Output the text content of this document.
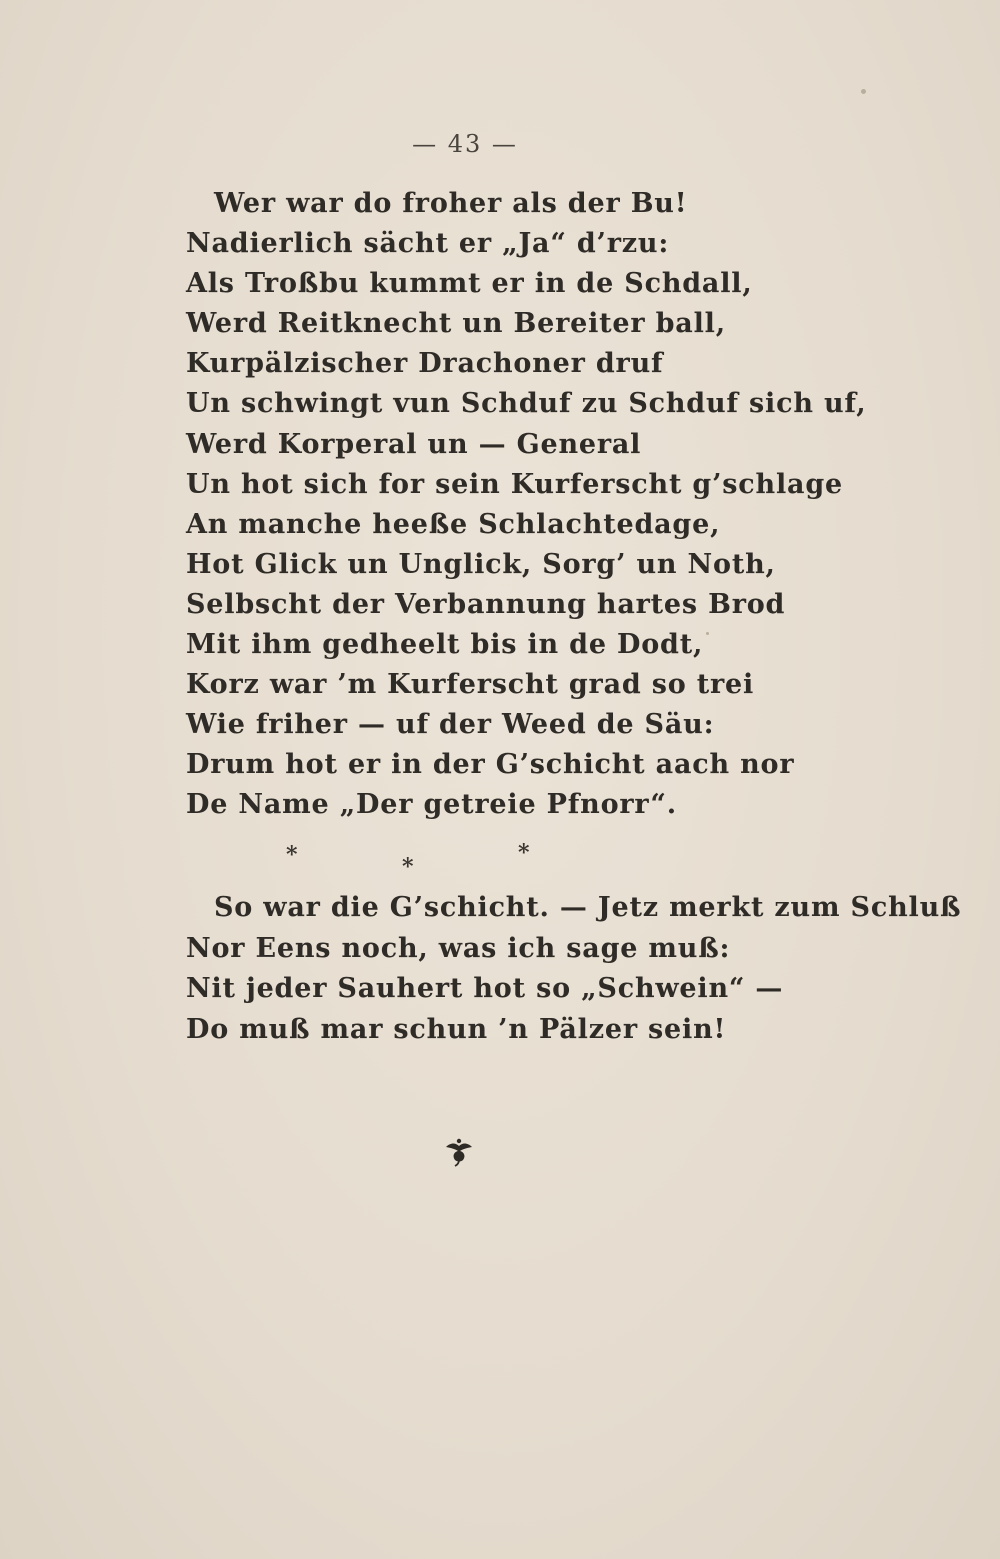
— 43 —
Wer war do froher als der Bu!
Nadierlich sächt er „Ja“ d’rzu:
Als Troßbu kummt er in de Schdall,
Werd Reitknecht un Bereiter ball,
Kurpälzischer Drachoner druf
Un schwingt vun Schduf zu Schduf sich uf,
Werd Korperal un — General
Un hot sich for sein Kurferscht g’schlage
An manche heeße Schlachtedage,
Hot Glick un Unglick, Sorg’ un Noth,
Selbscht der Verbannung hartes Brod
Mit ihm gedheelt bis in de Dodt,
Korz war ’m Kurferscht grad so trei
Wie friher — uf der Weed de Säu:
Drum hot er in der G’schicht aach nor
De Name „Der getreie Pfnorr“.
*	*
*
So war die G’schicht. — Jetz merkt zum Schluß
Nor Eens noch, was ich sage muß:
Nit jeder Sauhert hot so „Schwein“ —
Do muß mar schun ’n Pälzer sein!
